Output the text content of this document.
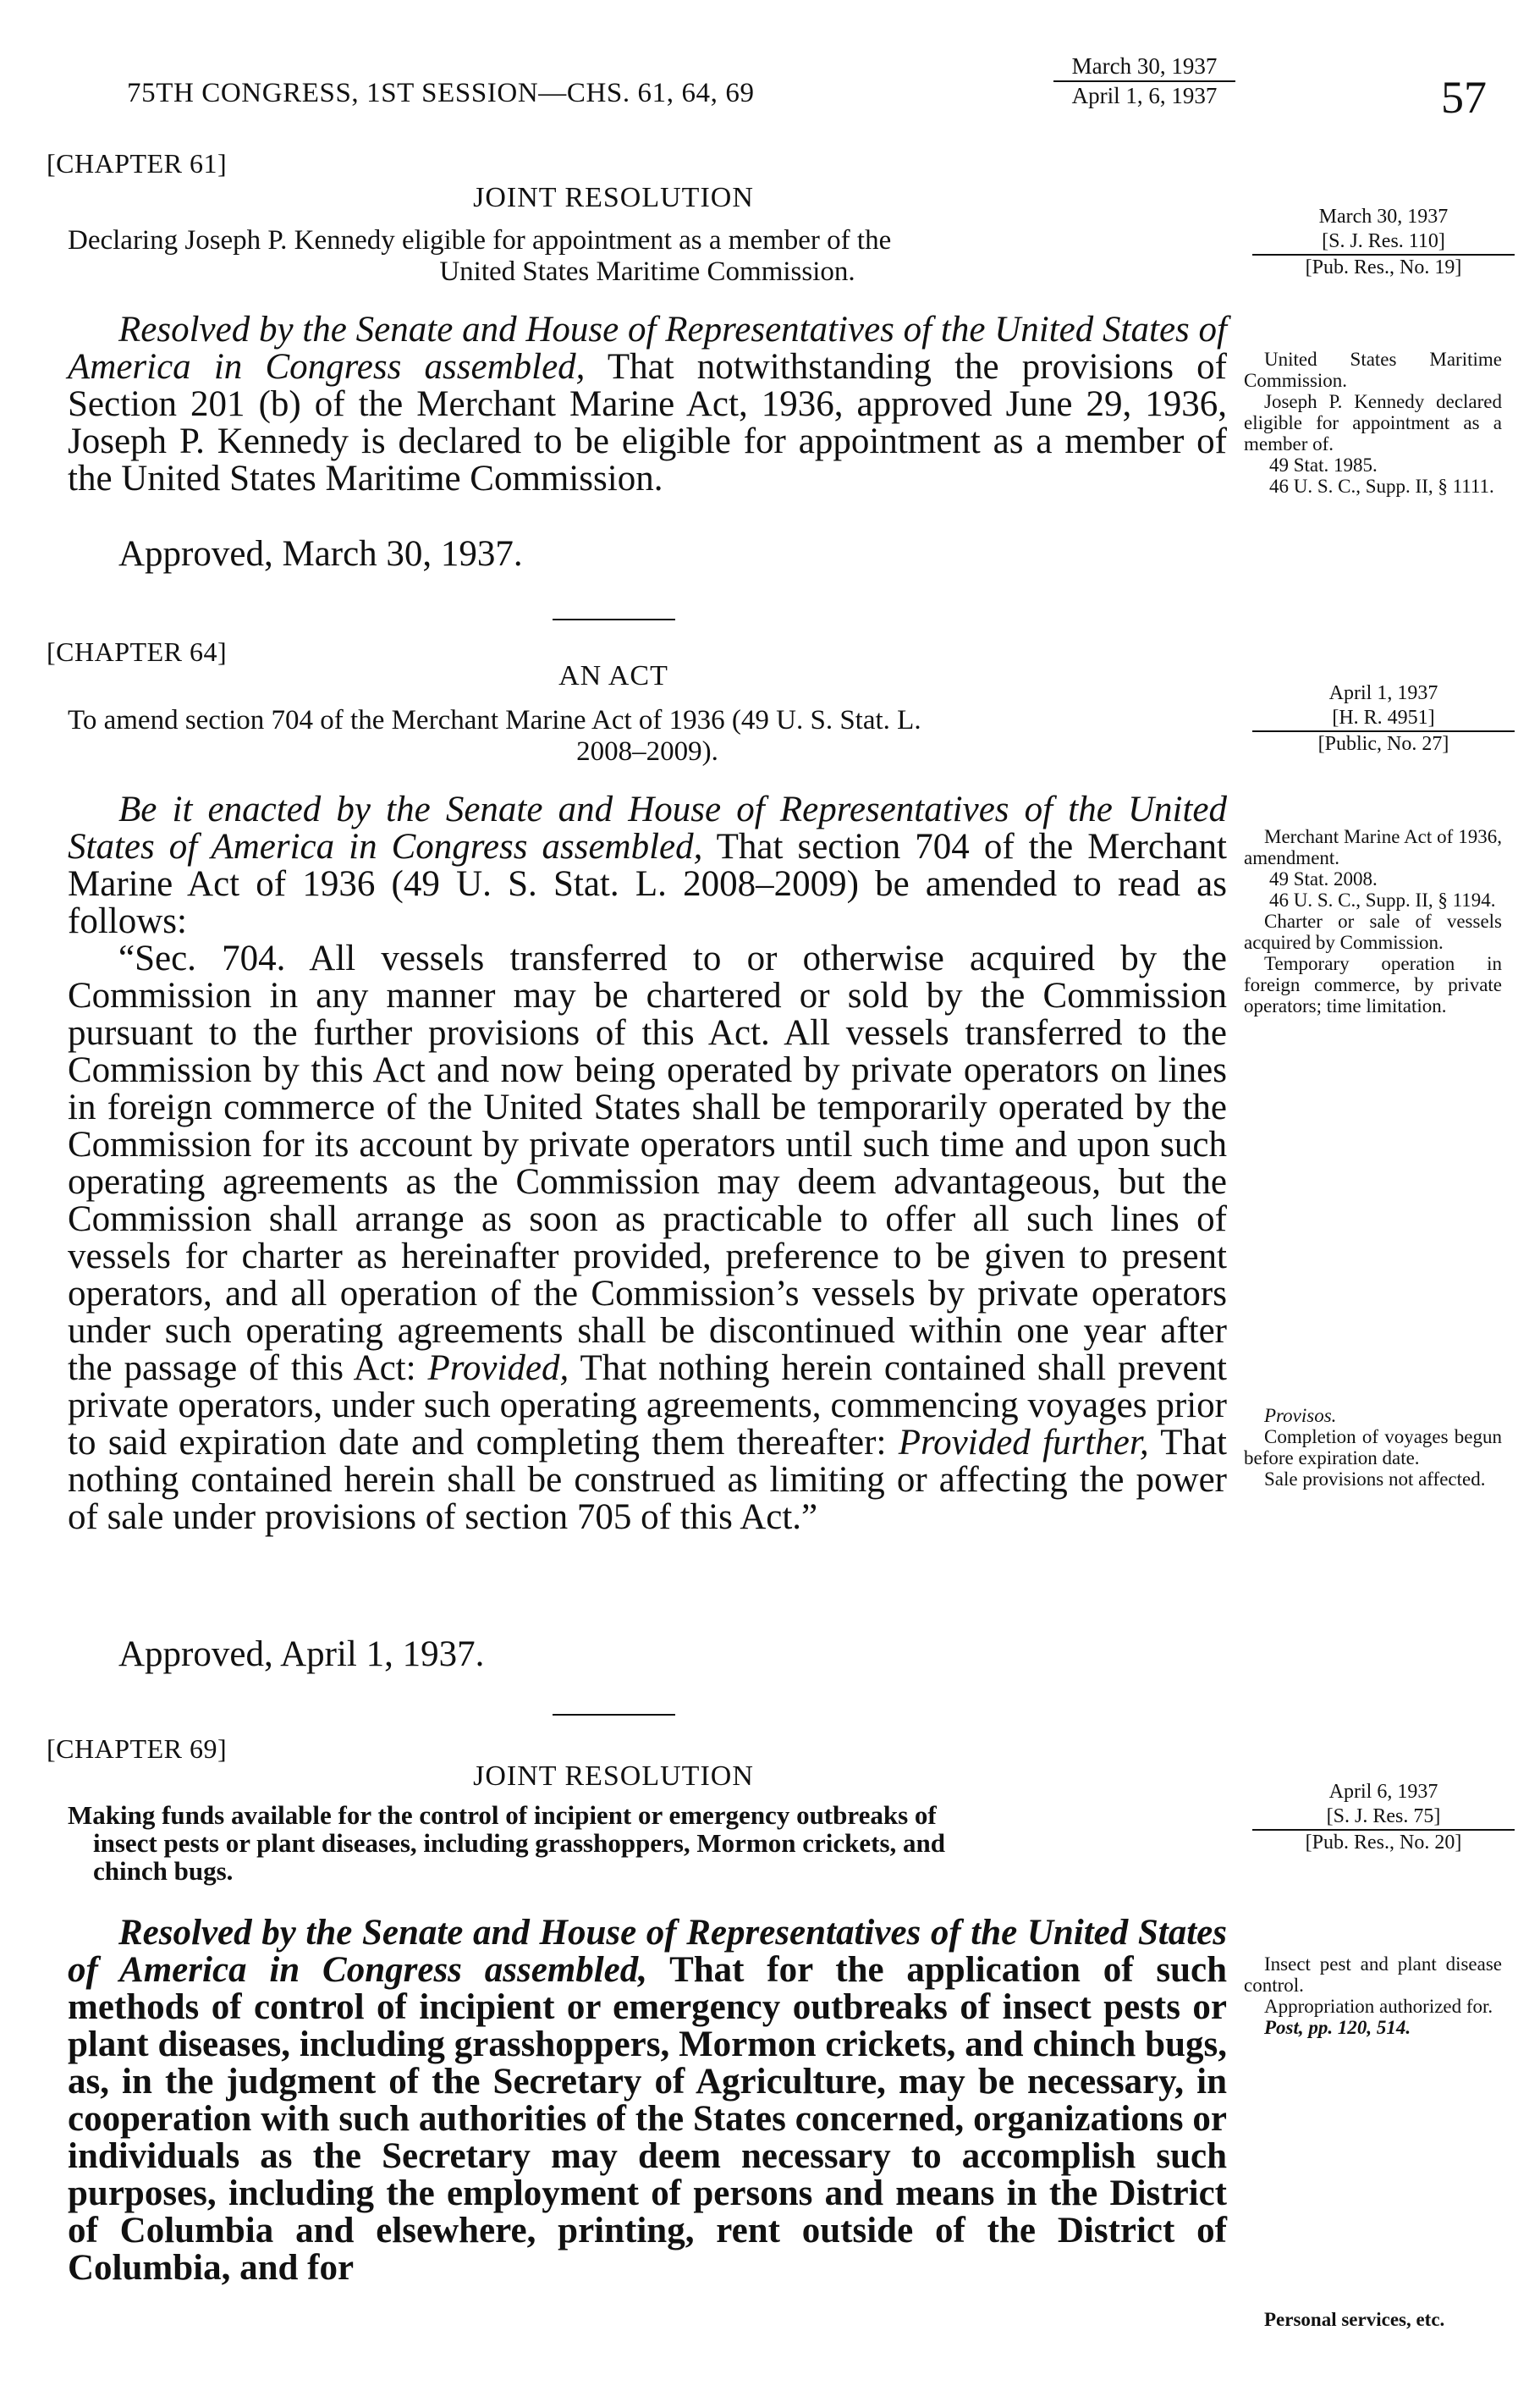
75TH CONGRESS, 1ST SESSION—CHS. 61, 64, 69
March 30, 1937
April 1, 6, 1937	57
[CHAPTER 61]
JOINT RESOLUTION
Declaring Joseph P. Kennedy eligible for appointment as a member of the
United States Maritime Commission.
March 30, 1937
[S. J. Res. 110]
[Pub. Res., No. 19]

Resolved by the Senate and House of Representatives of the United States of America in Congress assembled, That notwithstanding the provisions of Section 201 (b) of the Merchant Marine Act, 1936, approved June 29, 1936, Joseph P. Kennedy is declared to be eligible for appointment as a member of the United States Maritime Commission.

Approved, March 30, 1937.
United States Maritime Commission.
Joseph P. Kennedy declared eligible for appointment as a member of.
49 Stat. 1985.
46 U. S. C., Supp. II, § 1111.
[CHAPTER 64]
AN ACT
To amend section 704 of the Merchant Marine Act of 1936 (49 U. S. Stat. L.
2008–2009).
April 1, 1937
[H. R. 4951]
[Public, No. 27]

Be it enacted by the Senate and House of Representatives of the United States of America in Congress assembled, That section 704 of the Merchant Marine Act of 1936 (49 U. S. Stat. L. 2008–2009) be amended to read as follows:

“Sec. 704. All vessels transferred to or otherwise acquired by the Commission in any manner may be chartered or sold by the Commission pursuant to the further provisions of this Act. All vessels transferred to the Commission by this Act and now being operated by private operators on lines in foreign commerce of the United States shall be temporarily operated by the Commission for its account by private operators until such time and upon such operating agreements as the Commission may deem advantageous, but the Commission shall arrange as soon as practicable to offer all such lines of vessels for charter as hereinafter provided, preference to be given to present operators, and all operation of the Commission’s vessels by private operators under such operating agreements shall be discontinued within one year after the passage of this Act: Provided, That nothing herein contained shall prevent private operators, under such operating agreements, commencing voyages prior to said expiration date and completing them thereafter: Provided further, That nothing contained herein shall be construed as limiting or affecting the power of sale under provisions of section 705 of this Act.”

Approved, April 1, 1937.
Merchant Marine Act of 1936, amendment.
49 Stat. 2008.
46 U. S. C., Supp. II, § 1194.
Charter or sale of vessels acquired by Commission.
Temporary operation in foreign commerce, by private operators; time limitation.
Provisos.
Completion of voyages begun before expiration date.
Sale provisions not affected.
[CHAPTER 69]
JOINT RESOLUTION
Making funds available for the control of incipient or emergency outbreaks of
insect pests or plant diseases, including grasshoppers, Mormon crickets, and
chinch bugs.
April 6, 1937
[S. J. Res. 75]
[Pub. Res., No. 20]

Resolved by the Senate and House of Representatives of the United States of America in Congress assembled, That for the application of such methods of control of incipient or emergency outbreaks of insect pests or plant diseases, including grasshoppers, Mormon crickets, and chinch bugs, as, in the judgment of the Secretary of Agriculture, may be necessary, in cooperation with such authorities of the States concerned, organizations or individuals as the Secretary may deem necessary to accomplish such purposes, including the employment of persons and means in the District of Columbia and elsewhere, printing, rent outside of the District of Columbia, and for

Insect pest and plant disease control.
Appropriation authorized for.
Post, pp. 120, 514.
Personal services, etc.
